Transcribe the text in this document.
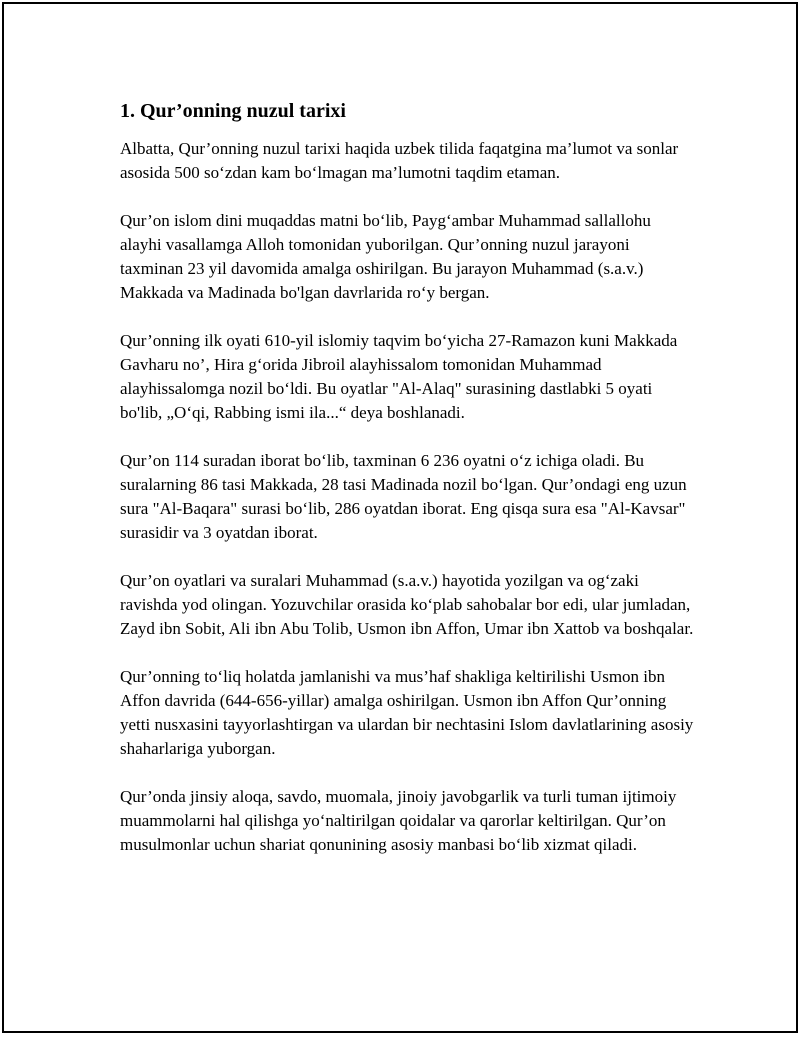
1. Qur’onning nuzul tarixi

Albatta, Qur’onning nuzul tarixi haqida uzbek tilida faqatgina ma’lumot va sonlar asosida 500 so‘zdan kam bo‘lmagan ma’lumotni taqdim etaman.

Qur’on islom dini muqaddas matni bo‘lib, Payg‘ambar Muhammad sallallohu alayhi vasallamga Alloh tomonidan yuborilgan. Qur’onning nuzul jarayoni taxminan 23 yil davomida amalga oshirilgan. Bu jarayon Muhammad (s.a.v.) Makkada va Madinada bo'lgan davrlarida ro‘y bergan.

Qur’onning ilk oyati 610-yil islomiy taqvim bo‘yicha 27-Ramazon kuni Makkada Gavharu no’, Hira g‘orida Jibroil alayhissalom tomonidan Muhammad alayhissalomga nozil bo‘ldi. Bu oyatlar "Al-Alaq" surasining dastlabki 5 oyati bo'lib, „O‘qi, Rabbing ismi ila...“ deya boshlanadi.

Qur’on 114 suradan iborat bo‘lib, taxminan 6 236 oyatni o‘z ichiga oladi. Bu suralarning 86 tasi Makkada, 28 tasi Madinada nozil bo‘lgan. Qur’ondagi eng uzun sura "Al-Baqara" surasi bo‘lib, 286 oyatdan iborat. Eng qisqa sura esa "Al-Kavsar" surasidir va 3 oyatdan iborat.

Qur’on oyatlari va suralari Muhammad (s.a.v.) hayotida yozilgan va og‘zaki ravishda yod olingan. Yozuvchilar orasida ko‘plab sahobalar bor edi, ular jumladan, Zayd ibn Sobit, Ali ibn Abu Tolib, Usmon ibn Affon, Umar ibn Xattob va boshqalar.

Qur’onning to‘liq holatda jamlanishi va mus’haf shakliga keltirilishi Usmon ibn Affon davrida (644-656-yillar) amalga oshirilgan. Usmon ibn Affon Qur’onning yetti nusxasini tayyorlashtirgan va ulardan bir nechtasini Islom davlatlarining asosiy shaharlariga yuborgan.

Qur’onda jinsiy aloqa, savdo, muomala, jinoiy javobgarlik va turli tuman ijtimoiy muammolarni hal qilishga yo‘naltirilgan qoidalar va qarorlar keltirilgan. Qur’on musulmonlar uchun shariat qonunining asosiy manbasi bo‘lib xizmat qiladi.
